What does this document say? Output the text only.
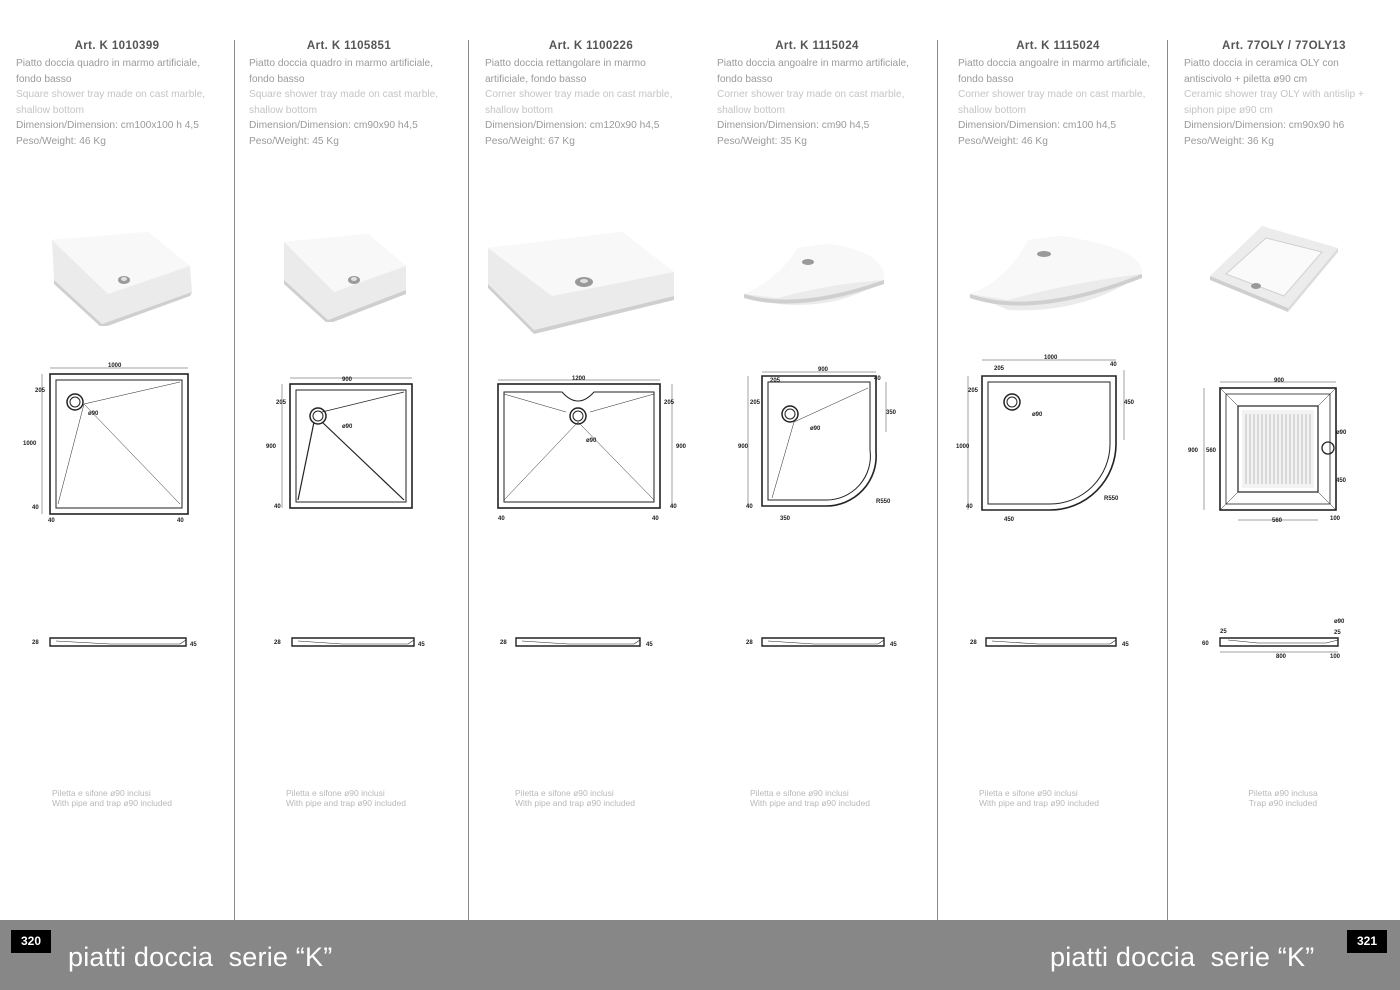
Art. K 1010399
Piatto doccia quadro in marmo artificiale, fondo basso
Square shower tray made on cast marble, shallow bottom
Dimension/Dimension: cm100x100 h 4,5
Peso/Weight: 46 Kg
1000
1000
205
ø90
40
40	40
28	45
Piletta e sifone ø90 inclusi
With pipe and trap ø90 included
Art. K 1105851
Piatto doccia quadro in marmo artificiale, fondo basso
Square shower tray made on cast marble, shallow bottom
Dimension/Dimension: cm90x90 h4,5
Peso/Weight: 45 Kg
900
900
205
ø90
40
28	45
Piletta e sifone ø90 inclusi
With pipe and trap ø90 included
Art. K 1100226
Piatto doccia rettangolare in marmo artificiale, fondo basso
Corner shower tray made on cast marble, shallow bottom
Dimension/Dimension: cm120x90 h4,5
Peso/Weight: 67 Kg
1200
900
205
ø90
40	40
40
28	45
Piletta e sifone ø90 inclusi
With pipe and trap ø90 included
Art. K 1115024
Piatto doccia angoalre in marmo artificiale, fondo basso
Corner shower tray made on cast marble, shallow bottom
Dimension/Dimension: cm90 h4,5
Peso/Weight: 35 Kg
900
900
205
205
ø90
40
40
350
350
R550
28	45
Piletta e sifone ø90 inclusi
With pipe and trap ø90 included
Art. K 1115024
Piatto doccia angoalre in marmo artificiale, fondo basso
Corner shower tray made on cast marble, shallow bottom
Dimension/Dimension: cm100 h4,5
Peso/Weight: 46 Kg
1000
1000
205
205
ø90
40
40
450
450
R550
28	45
Piletta e sifone ø90 inclusi
With pipe and trap ø90 included
Art. 77OLY / 77OLY13
Piatto doccia in ceramica OLY con antiscivolo + piletta ø90 cm
Ceramic shower tray OLY with antislip + siphon pipe ø90 cm
Dimension/Dimension: cm90x90 h6
Peso/Weight: 36 Kg
900
900 560
560
ø90
450
100
60
25	25
ø90
800	100
Piletta ø90 inclusa
Trap ø90 included
320
piatti doccia  serie “K”	piatti doccia  serie “K”
321
